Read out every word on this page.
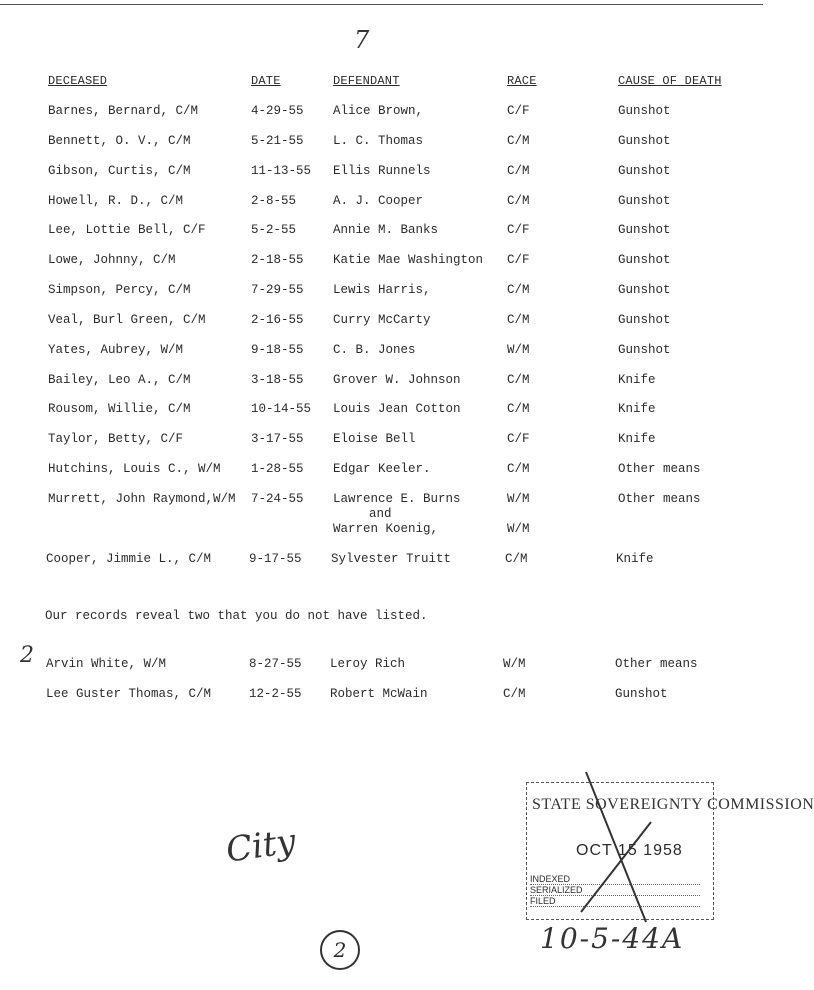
7
DECEASED	DATE	DEFENDANT	RACE	CAUSE OF DEATH
Barnes, Bernard, C/M	4-29-55 Alice Brown,	C/F	Gunshot
Bennett, O. V., C/M	5-21-55 L. C. Thomas	C/M	Gunshot
Gibson, Curtis, C/M	11-13-55 Ellis Runnels	C/M	Gunshot
Howell, R. D., C/M	2-8-55	A. J. Cooper	C/M	Gunshot
Lee, Lottie Bell, C/F	5-2-55	Annie M. Banks	C/F	Gunshot
Lowe, Johnny, C/M	2-18-55 Katie Mae Washington C/F	Gunshot
Simpson, Percy, C/M	7-29-55 Lewis Harris,	C/M	Gunshot
Veal, Burl Green, C/M	2-16-55 Curry McCarty	C/M	Gunshot
Yates, Aubrey, W/M	9-18-55 C. B. Jones	W/M	Gunshot
Bailey, Leo A., C/M	3-18-55 Grover W. Johnson	C/M	Knife
Rousom, Willie, C/M	10-14-55 Louis Jean Cotton	C/M	Knife
Taylor, Betty, C/F	3-17-55 Eloise Bell	C/F	Knife
Hutchins, Louis C., W/M 1-28-55 Edgar Keeler.	C/M	Other means
Murrett, John Raymond,W/M 7-24-55 Lawrence E. Burns	W/M	Other means
and
Warren Koenig,	W/M
Cooper, Jimmie L., C/M	9-17-55 Sylvester Truitt	C/M	Knife
Our records reveal two that you do not have listed.
2 Arvin White, W/M	8-27-55 Leroy Rich	W/M	Other means
Lee Guster Thomas, C/M	12-2-55 Robert McWain	C/M	Gunshot
City
2
STATE SOVEREIGNTY COMMISSION
OCT 15 1958
INDEXED
SERIALIZED
FILED
10-5-44A
